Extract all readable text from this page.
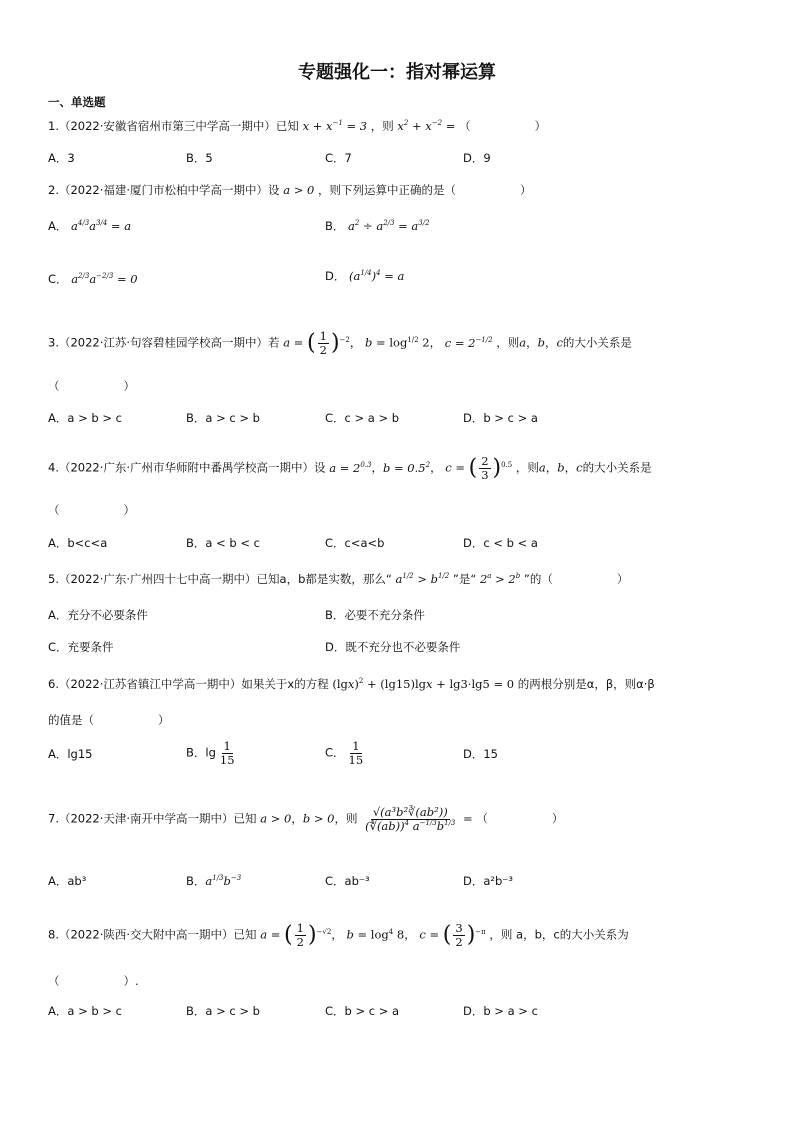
专题强化一：指对幂运算
一、单选题
1.（2022·安徽省宿州市第三中学高一期中）已知 $x + x^{-1} = 3$ ，则 $x^2 + x^{-2}$ = （	）
A．3	B．5	C．7	D．9
2.（2022·福建·厦门市松柏中学高一期中）设 a > 0 ，则下列运算中正确的是（	）
A． $a^{4/3}a^{3/4} = a$	B． $a^2 \div a^{2/3} = a^{3/2}$
C． $a^{2/3}a^{-2/3} = 0$	D． $(a^{1/4})^4 = a$
3.（2022·江苏·句容碧桂园学校高一期中）若 a = ( $\frac{1}{2} )^{-2}$， $b = \log^{1/2} 2$， $c = 2^{-1/2}$ ，则a，b，c的大小关系是
（	）
A．a > b > c	B．a > c > b	C．c > a > b	D．b > c > a
4.（2022·广东·广州市华师附中番禺学校高一期中）设 $a = 2^{0.3}$，$b = 0.5^2$， c = ( $\frac{2}{3} )^{0.5}$ ，则a，b，c的大小关系是
（	）
A．b<c<a	B．a < b < c	C．c<a<b	D．c < b < a
5.（2022·广东·广州四十七中高一期中）已知a，b都是实数，那么“ $a^{1/2} > b^{1/2}$ ”是“ $2^a > 2^b$ ”的（	）
A．充分不必要条件	B．必要不充分条件
C．充要条件	D．既不充分也不必要条件
6.（2022·江苏省镇江中学高一期中）如果关于x的方程 $(\lg x)^2 + (\lg 15)\lg x + \lg 3\cdot\lg 5 = 0$ 的两根分别是α，β，则α·β
的值是（	）
A．lg15	B．$\lg \frac{1}{15}$	C． $\frac{1}{15}$	D．15
7.（2022·天津·南开中学高一期中）已知 a > 0，b > 0，则 $\frac{\text{√(a³b²∛(ab²))}}{(∜(ab))^4 a^{-1/3}b^{1/3}}$ = （	）
A．ab³	B．$a^{1/3}b^{-3}$	C．ab⁻³	D．a²b⁻³
8.（2022·陕西·交大附中高一期中）已知 a = ( $\frac{1}{2} )^{-√2}$， $b = \log^4 8$， c = ( $\frac{3}{2} )^{-\pi}$ ，则 a，b，c的大小关系为
（	）.
A．a > b > c	B．a > c > b	C．b > c > a	D．b > a > c
